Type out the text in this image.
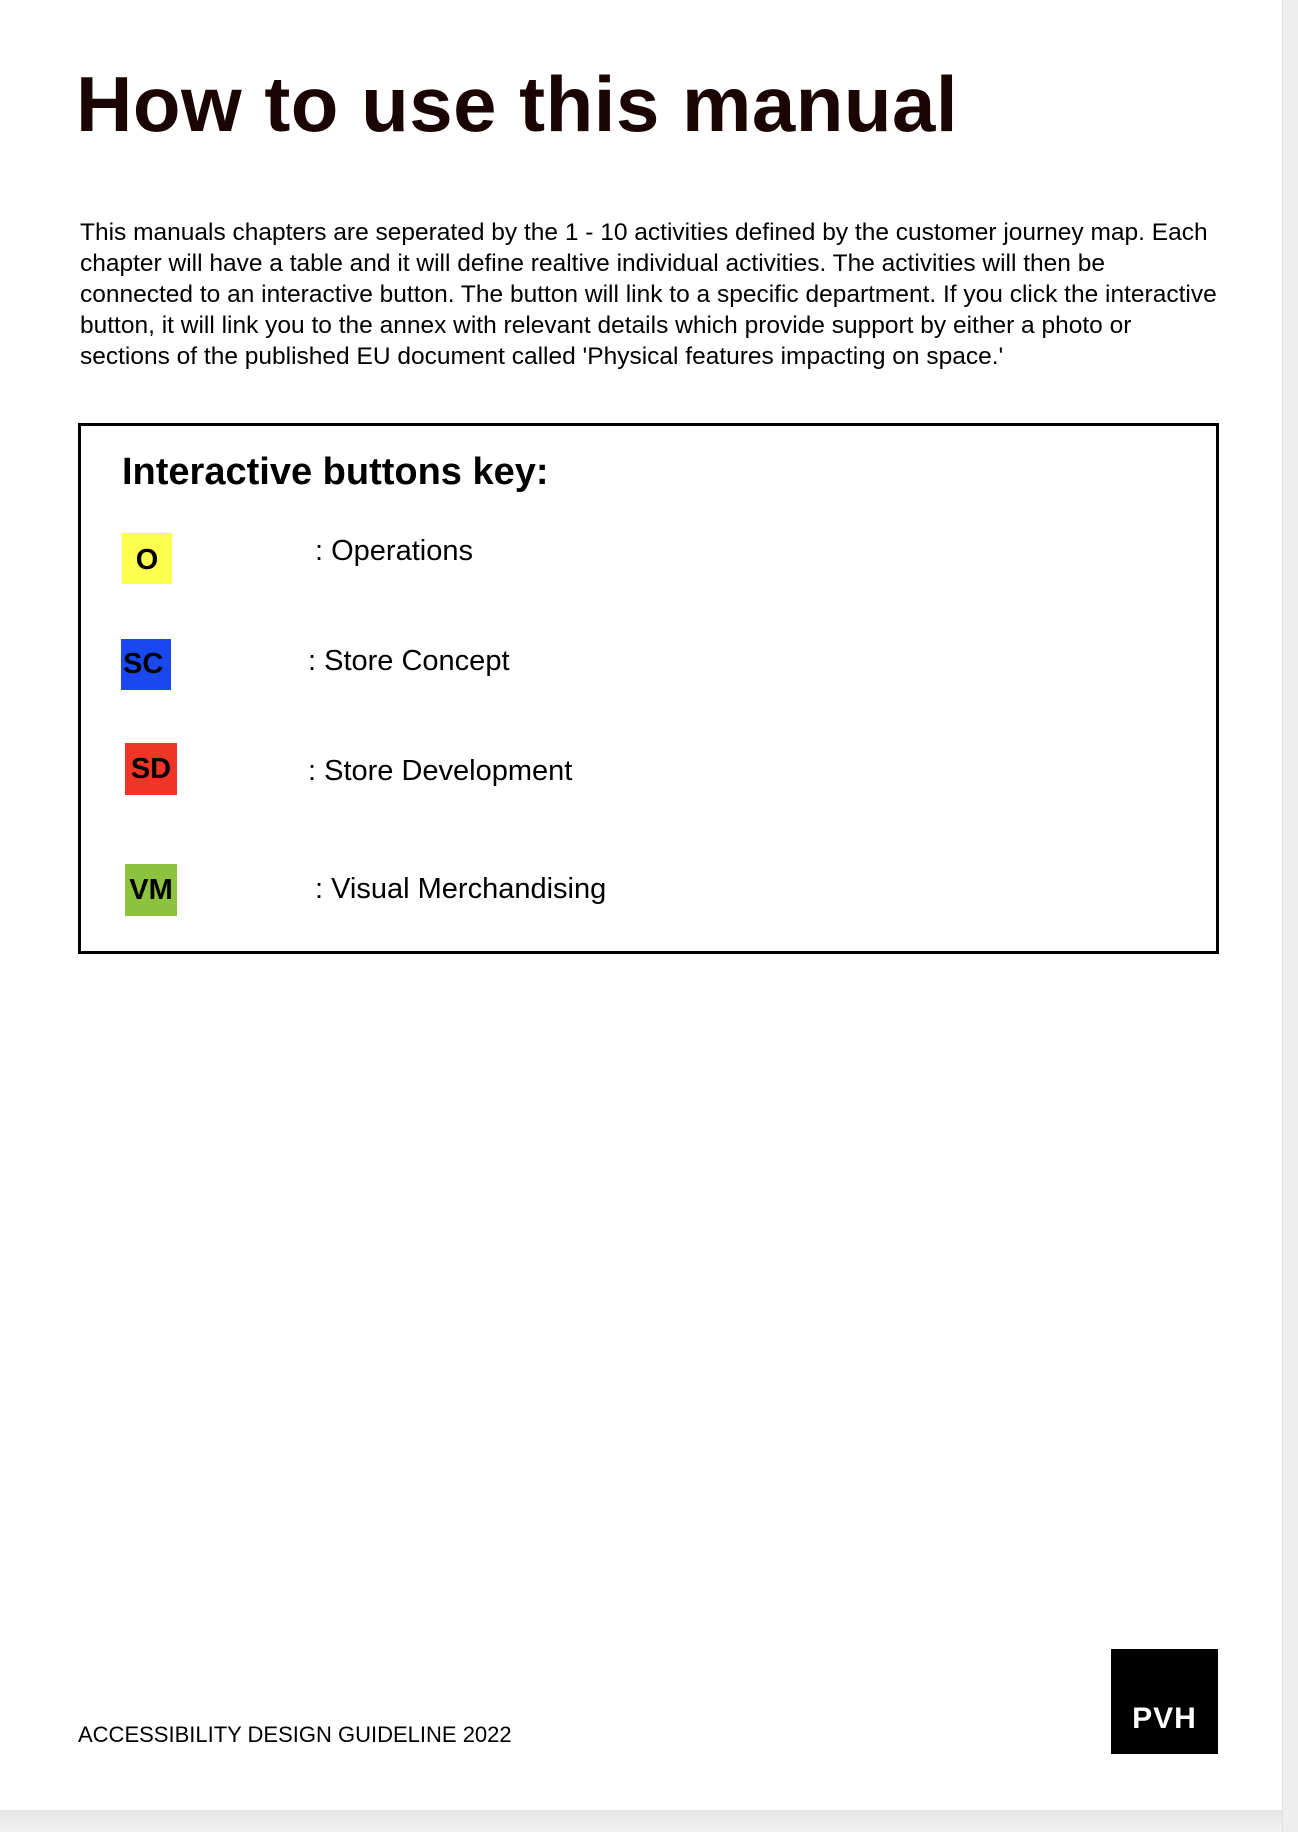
How to use this manual

This manuals chapters are seperated by the 1 - 10 activities defined by the customer journey map. Each chapter will have a table and it will define realtive individual activities. The activities will then be connected to an interactive button. The button will link to a specific department. If you click the interactive button, it will link you to the annex with relevant details which provide support by either a photo or sections of the published EU document called 'Physical features impacting on space.'

Interactive buttons key:
O	: Operations
SC	: Store Concept
SD	: Store Development
VM	: Visual Merchandising
ACCESSIBILITY DESIGN GUIDELINE 2022	PVH
